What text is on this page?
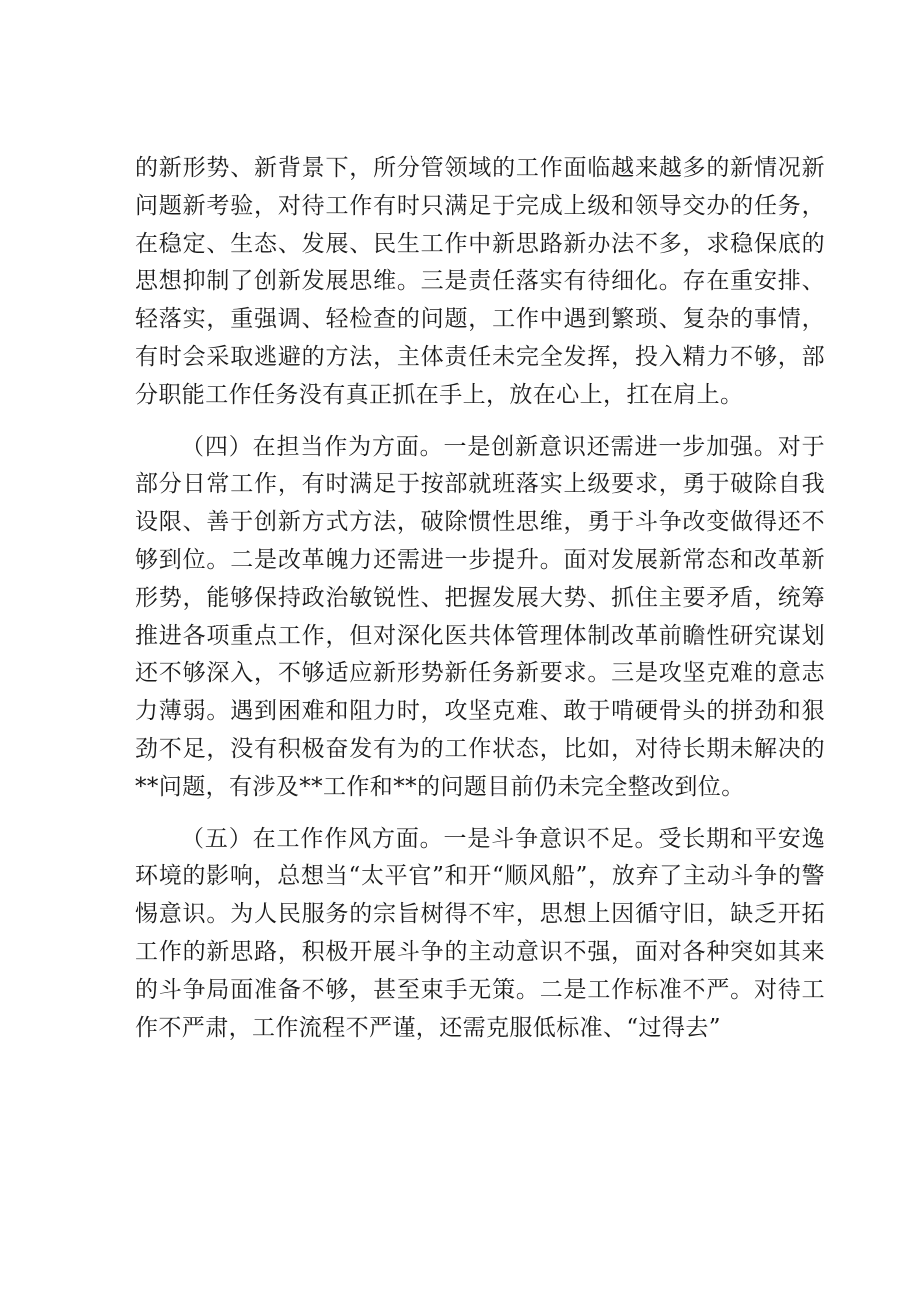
的新形势、新背景下，所分管领域的工作面临越来越多的新情况新问题新考验，对待工作有时只满足于完成上级和领导交办的任务，在稳定、生态、发展、民生工作中新思路新办法不多，求稳保底的思想抑制了创新发展思维。三是责任落实有待细化。存在重安排、轻落实，重强调、轻检查的问题，工作中遇到繁琐、复杂的事情，有时会采取逃避的方法，主体责任未完全发挥，投入精力不够，部分职能工作任务没有真正抓在手上，放在心上，扛在肩上。

（四）在担当作为方面。一是创新意识还需进一步加强。对于部分日常工作，有时满足于按部就班落实上级要求，勇于破除自我设限、善于创新方式方法，破除惯性思维，勇于斗争改变做得还不够到位。二是改革魄力还需进一步提升。面对发展新常态和改革新形势，能够保持政治敏锐性、把握发展大势、抓住主要矛盾，统筹推进各项重点工作，但对深化医共体管理体制改革前瞻性研究谋划还不够深入，不够适应新形势新任务新要求。三是攻坚克难的意志力薄弱。遇到困难和阻力时，攻坚克难、敢于啃硬骨头的拼劲和狠劲不足，没有积极奋发有为的工作状态，比如，对待长期未解决的**问题，有涉及**工作和**的问题目前仍未完全整改到位。

（五）在工作作风方面。一是斗争意识不足。受长期和平安逸环境的影响，总想当“太平官”和开“顺风船”，放弃了主动斗争的警惕意识。为人民服务的宗旨树得不牢，思想上因循守旧，缺乏开拓工作的新思路，积极开展斗争的主动意识不强，面对各种突如其来的斗争局面准备不够，甚至束手无策。二是工作标准不严。对待工作不严肃，工作流程不严谨，还需克服低标准、“过得去”
